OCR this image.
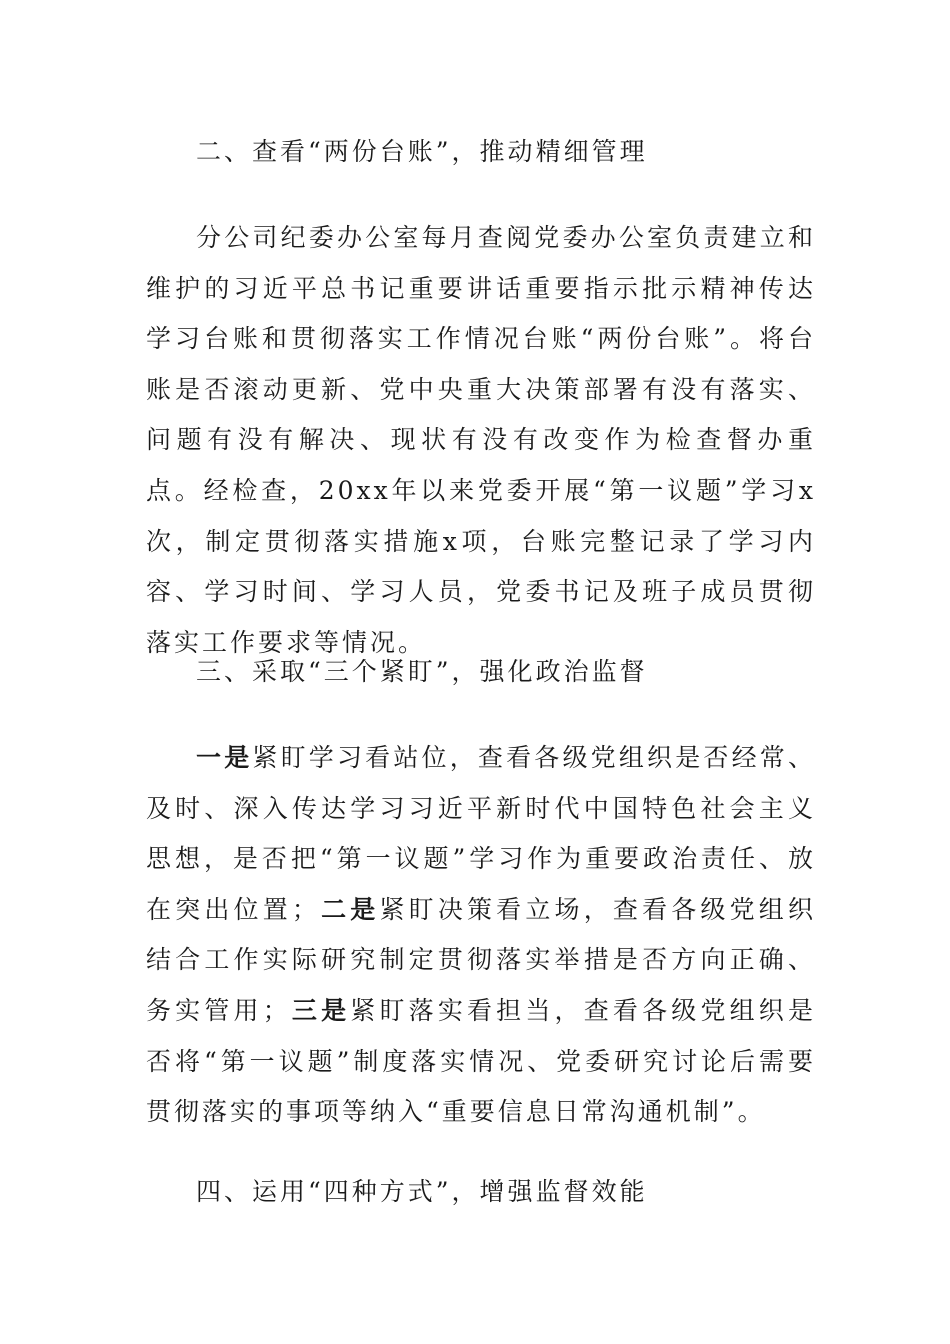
二、查看“两份台账”，推动精细管理

分公司纪委办公室每月查阅党委办公室负责建立和维护的习近平总书记重要讲话重要指示批示精神传达学习台账和贯彻落实工作情况台账“两份台账”。将台账是否滚动更新、党中央重大决策部署有没有落实、问题有没有解决、现状有没有改变作为检查督办重点。经检查，20xx年以来党委开展“第一议题”学习x次，制定贯彻落实措施x项，台账完整记录了学习内容、学习时间、学习人员，党委书记及班子成员贯彻落实工作要求等情况。

三、采取“三个紧盯”，强化政治监督

一是紧盯学习看站位，查看各级党组织是否经常、及时、深入传达学习习近平新时代中国特色社会主义思想，是否把“第一议题”学习作为重要政治责任、放在突出位置；二是紧盯决策看立场，查看各级党组织结合工作实际研究制定贯彻落实举措是否方向正确、务实管用；三是紧盯落实看担当，查看各级党组织是否将“第一议题”制度落实情况、党委研究讨论后需要贯彻落实的事项等纳入“重要信息日常沟通机制”。

四、运用“四种方式”，增强监督效能
